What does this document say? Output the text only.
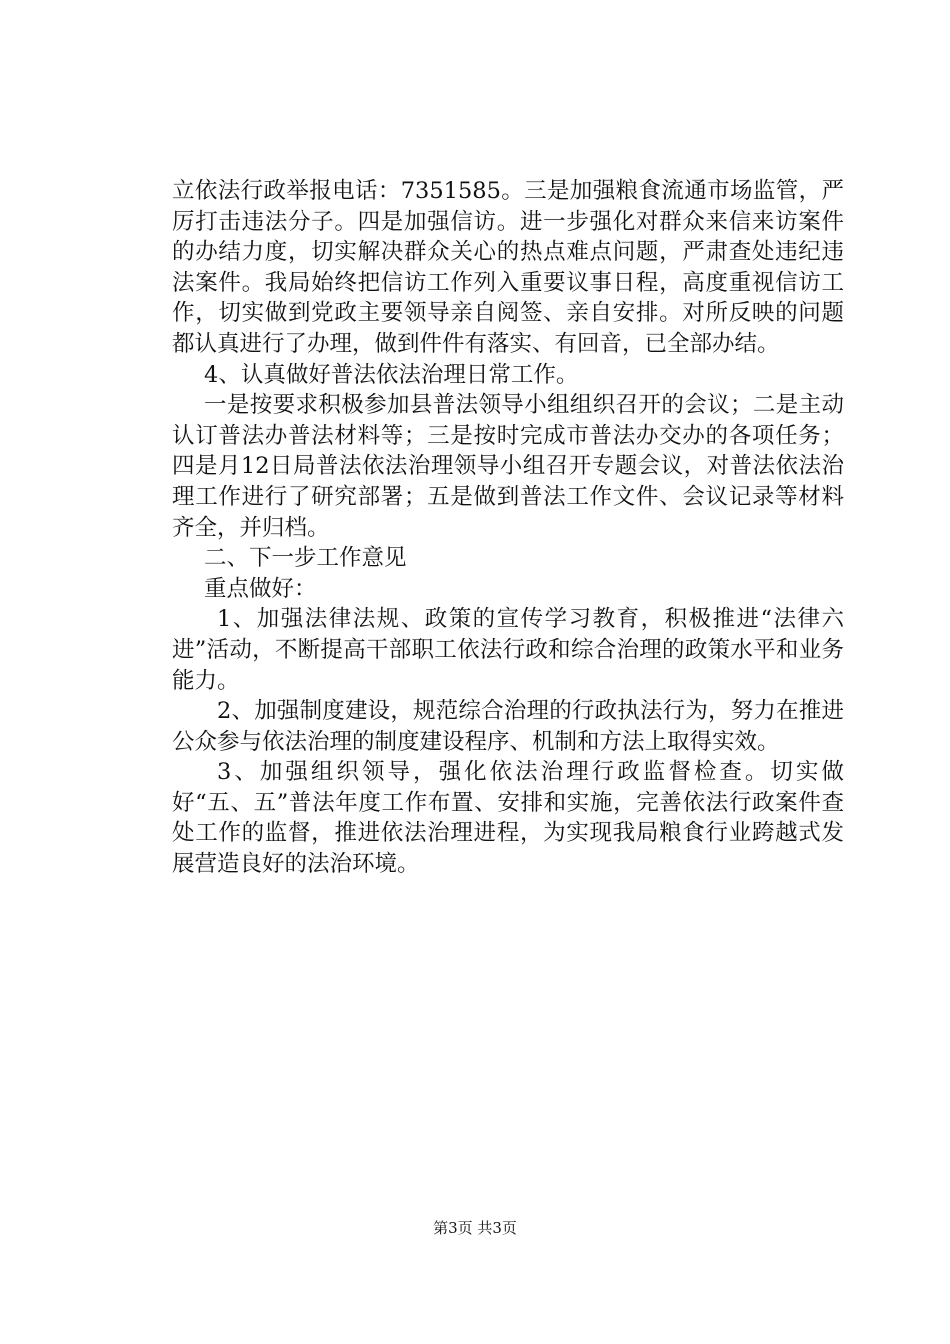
立依法行政举报电话：7351585。三是加强粮食流通市场监管，严厉打击违法分子。四是加强信访。进一步强化对群众来信来访案件的办结力度，切实解决群众关心的热点难点问题，严肃查处违纪违法案件。我局始终把信访工作列入重要议事日程，高度重视信访工作，切实做到党政主要领导亲自阅签、亲自安排。对所反映的问题都认真进行了办理，做到件件有落实、有回音，已全部办结。

4、认真做好普法依法治理日常工作。

一是按要求积极参加县普法领导小组组织召开的会议；二是主动认订普法办普法材料等；三是按时完成市普法办交办的各项任务；四是月12日局普法依法治理领导小组召开专题会议，对普法依法治理工作进行了研究部署；五是做到普法工作文件、会议记录等材料齐全，并归档。

二、下一步工作意见

重点做好：

1、加强法律法规、政策的宣传学习教育，积极推进“法律六进”活动，不断提高干部职工依法行政和综合治理的政策水平和业务能力。

2、加强制度建设，规范综合治理的行政执法行为，努力在推进公众参与依法治理的制度建设程序、机制和方法上取得实效。

3、加强组织领导，强化依法治理行政监督检查。切实做好“五、五”普法年度工作布置、安排和实施，完善依法行政案件查处工作的监督，推进依法治理进程，为实现我局粮食行业跨越式发展营造良好的法治环境。

第3页 共3页
